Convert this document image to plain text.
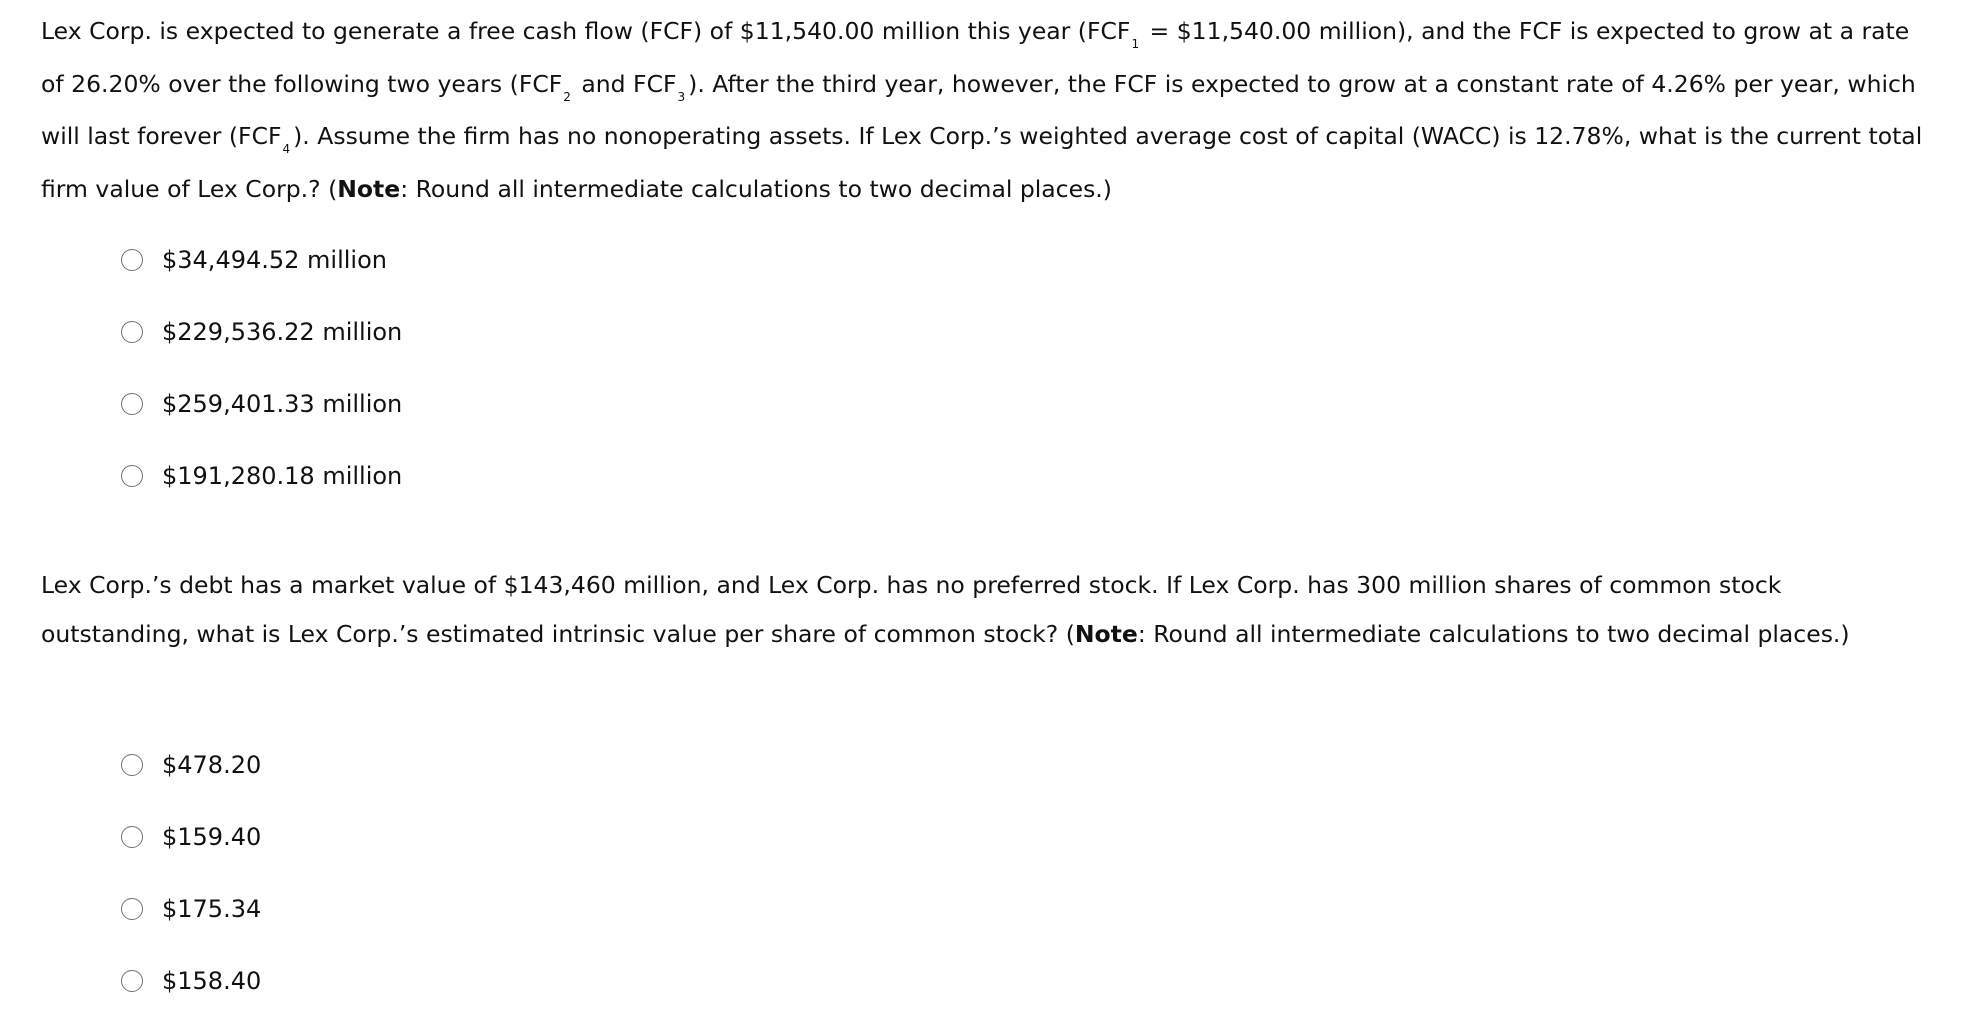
Lex Corp. is expected to generate a free cash flow (FCF) of $11,540.00 million this year ($FCF_1$ = $11,540.00 million), and the FCF is expected to grow at a rate of 26.20% over the following two years ($FCF_2$ and $FCF_3$ ). After the third year, however, the FCF is expected to grow at a constant rate of 4.26% per year, which will last forever ($FCF_4$ ). Assume the firm has no nonoperating assets. If Lex Corp.’s weighted average cost of capital (WACC) is 12.78%, what is the current total firm value of Lex Corp.? (Note: Round all intermediate calculations to two decimal places.)

$34,494.52 million
$229,536.22 million
$259,401.33 million
$191,280.18 million

Lex Corp.’s debt has a market value of $143,460 million, and Lex Corp. has no preferred stock. If Lex Corp. has 300 million shares of common stock outstanding, what is Lex Corp.’s estimated intrinsic value per share of common stock? (Note: Round all intermediate calculations to two decimal places.)

$478.20
$159.40
$175.34
$158.40
